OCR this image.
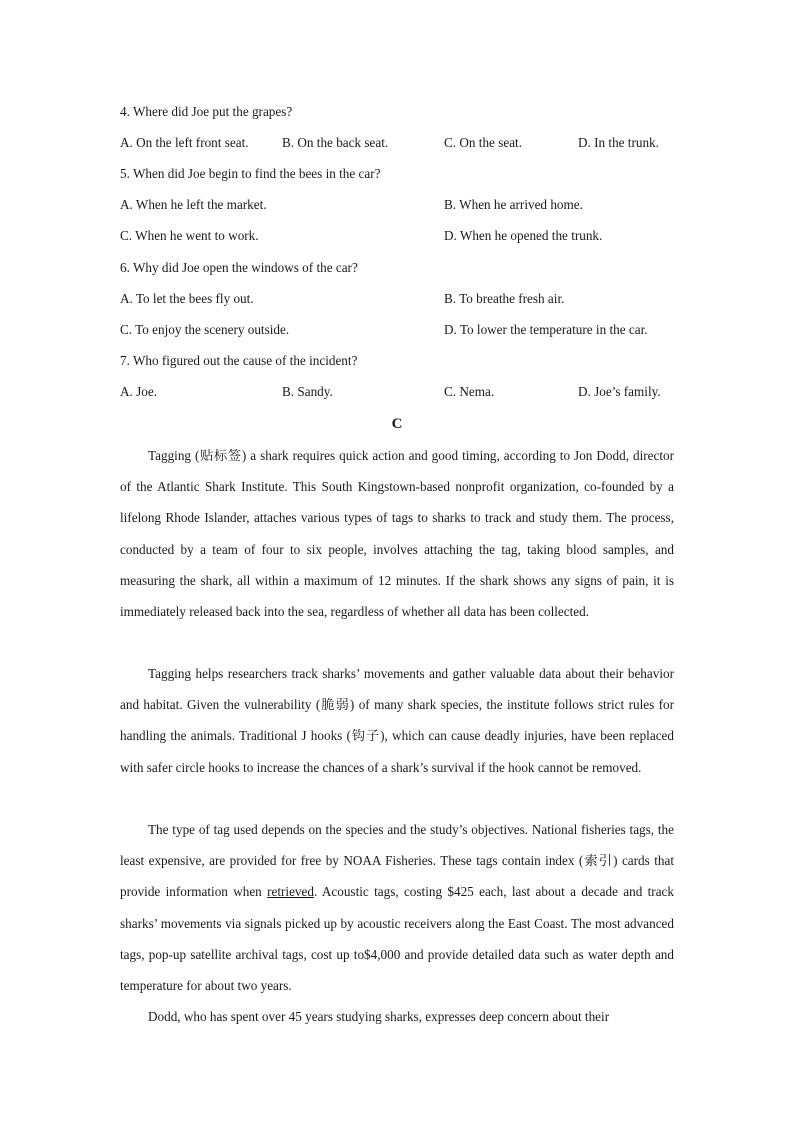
4. Where did Joe put the grapes?
A. On the left front seat.	B. On the back seat.	C. On the seat.	D. In the trunk.
5. When did Joe begin to find the bees in the car?
A. When he left the market.	B. When he arrived home.
C. When he went to work.	D. When he opened the trunk.
6. Why did Joe open the windows of the car?
A. To let the bees fly out.	B. To breathe fresh air.
C. To enjoy the scenery outside.	D. To lower the temperature in the car.
7. Who figured out the cause of the incident?
A. Joe.	B. Sandy.	C. Nema.	D. Joe’s family.
C

Tagging (贴标签) a shark requires quick action and good timing, according to Jon Dodd, director of the Atlantic Shark Institute. This South Kingstown-based nonprofit organization, co-founded by a lifelong Rhode Islander, attaches various types of tags to sharks to track and study them. The process, conducted by a team of four to six people, involves attaching the tag, taking blood samples, and measuring the shark, all within a maximum of 12 minutes. If the shark shows any signs of pain, it is immediately released back into the sea, regardless of whether all data has been collected.

Tagging helps researchers track sharks’ movements and gather valuable data about their behavior and habitat. Given the vulnerability (脆弱) of many shark species, the institute follows strict rules for handling the animals. Traditional J hooks (钩子), which can cause deadly injuries, have been replaced with safer circle hooks to increase the chances of a shark’s survival if the hook cannot be removed.

The type of tag used depends on the species and the study’s objectives. National fisheries tags, the least expensive, are provided for free by NOAA Fisheries. These tags contain index (索引) cards that provide information when retrieved. Acoustic tags, costing $425 each, last about a decade and track sharks’ movements via signals picked up by acoustic receivers along the East Coast. The most advanced tags, pop-up satellite archival tags, cost up to$4,000 and provide detailed data such as water depth and temperature for about two years.

Dodd, who has spent over 45 years studying sharks, expresses deep concern about their
